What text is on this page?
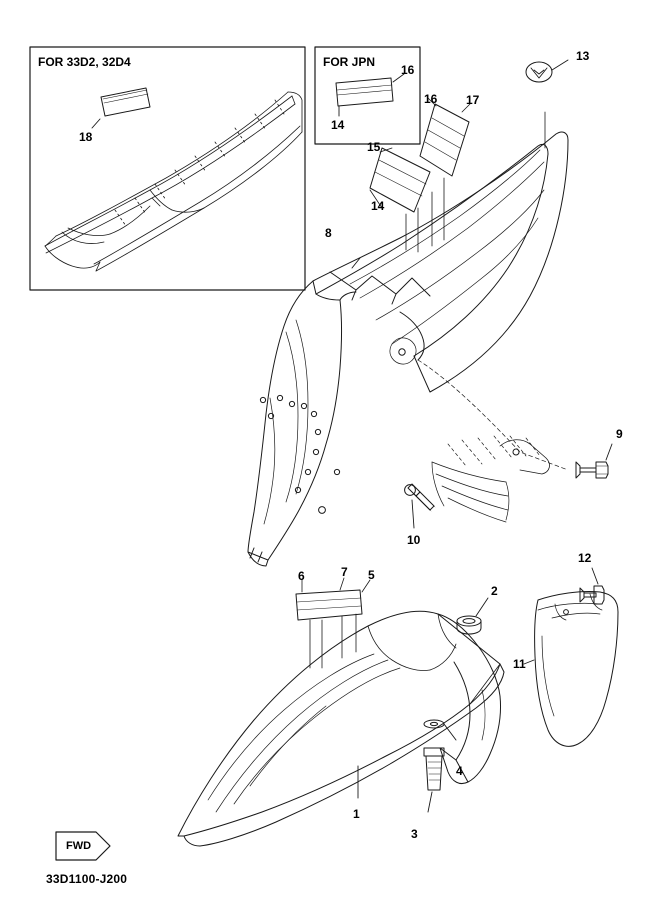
FOR 33D2, 32D4	FOR JPN
18
16
14
13
16 17
15
14
8
9
10
12
11
6	7 5
2
4
3
1
FWD
33D1100-J200
